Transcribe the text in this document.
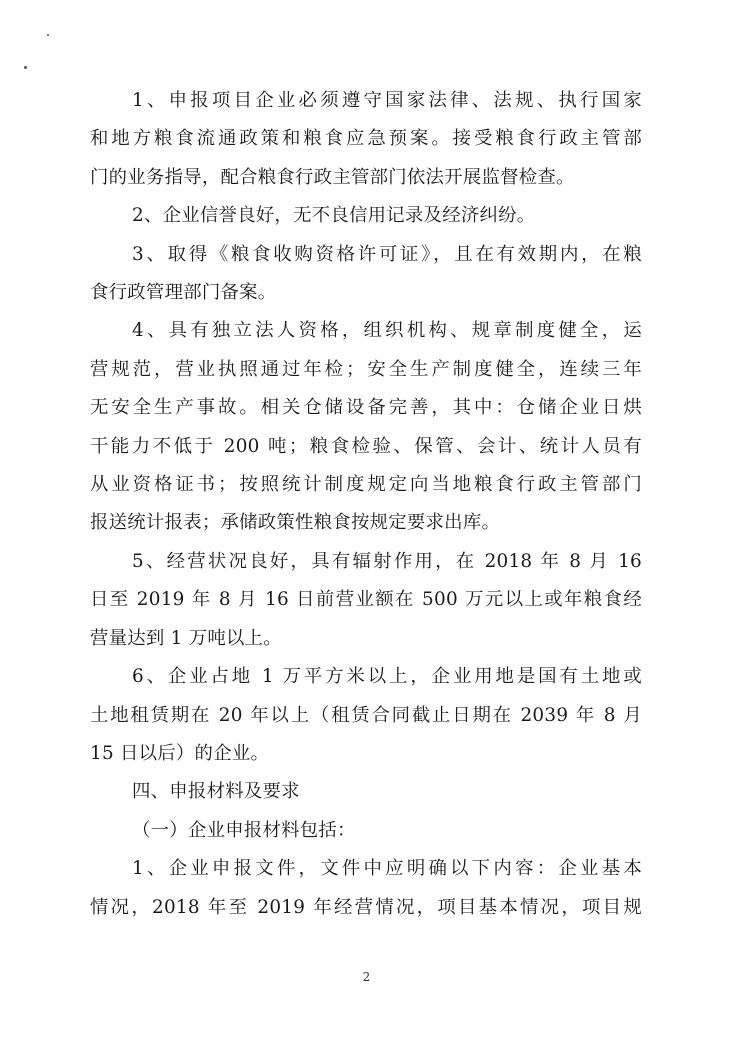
1、申报项目企业必须遵守国家法律、法规、执行国家
和地方粮食流通政策和粮食应急预案。接受粮食行政主管部
门的业务指导，配合粮食行政主管部门依法开展监督检查。

2、企业信誉良好，无不良信用记录及经济纠纷。

3、取得《粮食收购资格许可证》，且在有效期内，在粮
食行政管理部门备案。

4、具有独立法人资格，组织机构、规章制度健全，运
营规范，营业执照通过年检；安全生产制度健全，连续三年
无安全生产事故。相关仓储设备完善，其中：仓储企业日烘
干能力不低于 200 吨；粮食检验、保管、会计、统计人员有
从业资格证书；按照统计制度规定向当地粮食行政主管部门
报送统计报表；承储政策性粮食按规定要求出库。

5、经营状况良好，具有辐射作用，在 2018 年 8 月 16
日至 2019 年 8 月 16 日前营业额在 500 万元以上或年粮食经
营量达到 1 万吨以上。

6、企业占地 1 万平方米以上，企业用地是国有土地或
土地租赁期在 20 年以上（租赁合同截止日期在 2039 年 8 月
15 日以后）的企业。

四、申报材料及要求

（一）企业申报材料包括：

1、企业申报文件，文件中应明确以下内容：企业基本
情况，2018 年至 2019 年经营情况，项目基本情况，项目规

2
